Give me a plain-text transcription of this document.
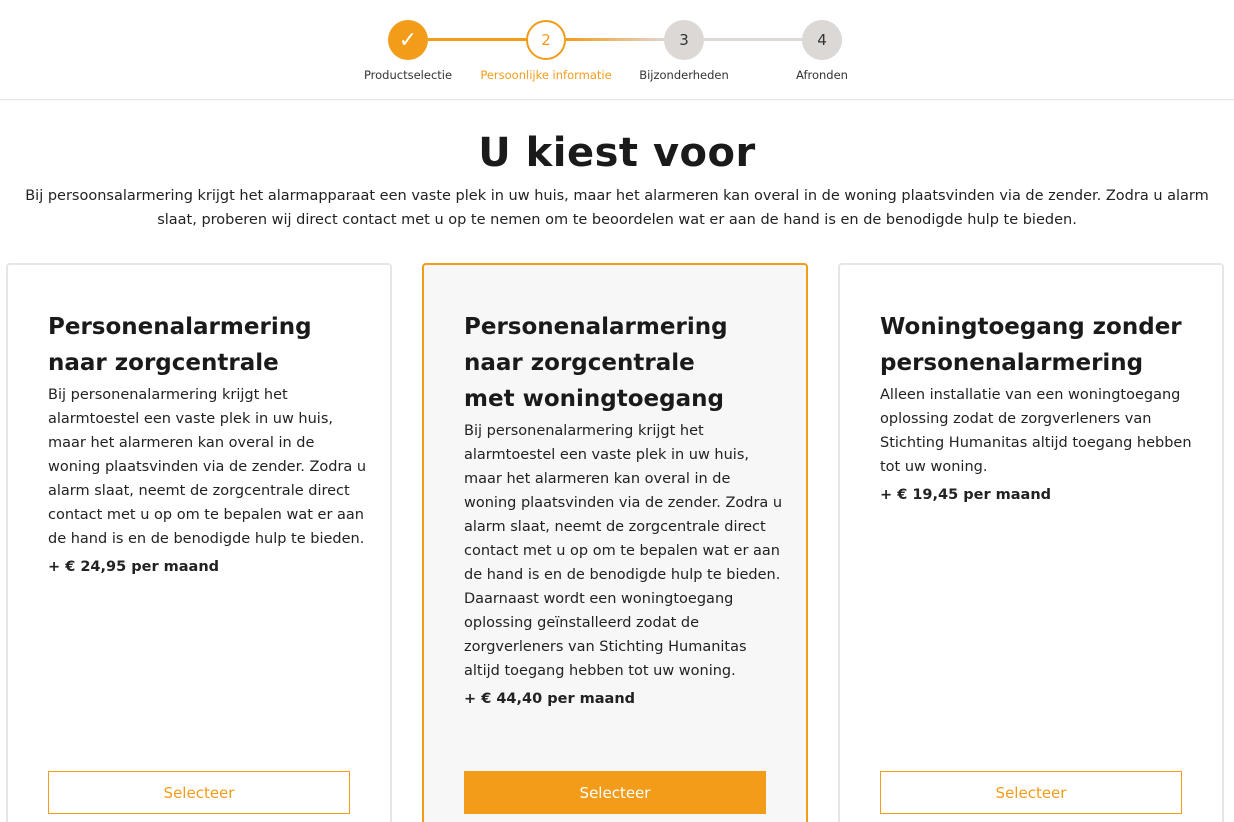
✓	2	3	4
Productselectie	Persoonlijke informatie	Bijzonderheden	Afronden
U kiest voor

Bij persoonsalarmering krijgt het alarmapparaat een vaste plek in uw huis, maar het alarmeren kan overal in de woning plaatsvinden via de zender. Zodra u alarm slaat, proberen wij direct contact met u op te nemen om te beoordelen wat er aan de hand is en de benodigde hulp te bieden.

Personenalarmering
naar zorgcentrale

Bij personenalarmering krijgt het alarmtoestel een vaste plek in uw huis, maar het alarmeren kan overal in de woning plaatsvinden via de zender. Zodra u alarm slaat, neemt de zorgcentrale direct contact met u op om te bepalen wat er aan de hand is en de benodigde hulp te bieden.

+ € 24,95 per maand

Selecteer
Personenalarmering
naar zorgcentrale
met woningtoegang

Bij personenalarmering krijgt het alarmtoestel een vaste plek in uw huis, maar het alarmeren kan overal in de woning plaatsvinden via de zender. Zodra u alarm slaat, neemt de zorgcentrale direct contact met u op om te bepalen wat er aan de hand is en de benodigde hulp te bieden. Daarnaast wordt een woningtoegang oplossing geïnstalleerd zodat de zorgverleners van Stichting Humanitas altijd toegang hebben tot uw woning.

+ € 44,40 per maand

Selecteer
Woningtoegang zonder
personenalarmering

Alleen installatie van een woningtoegang oplossing zodat de zorgverleners van Stichting Humanitas altijd toegang hebben tot uw woning.

+ € 19,45 per maand

Selecteer
